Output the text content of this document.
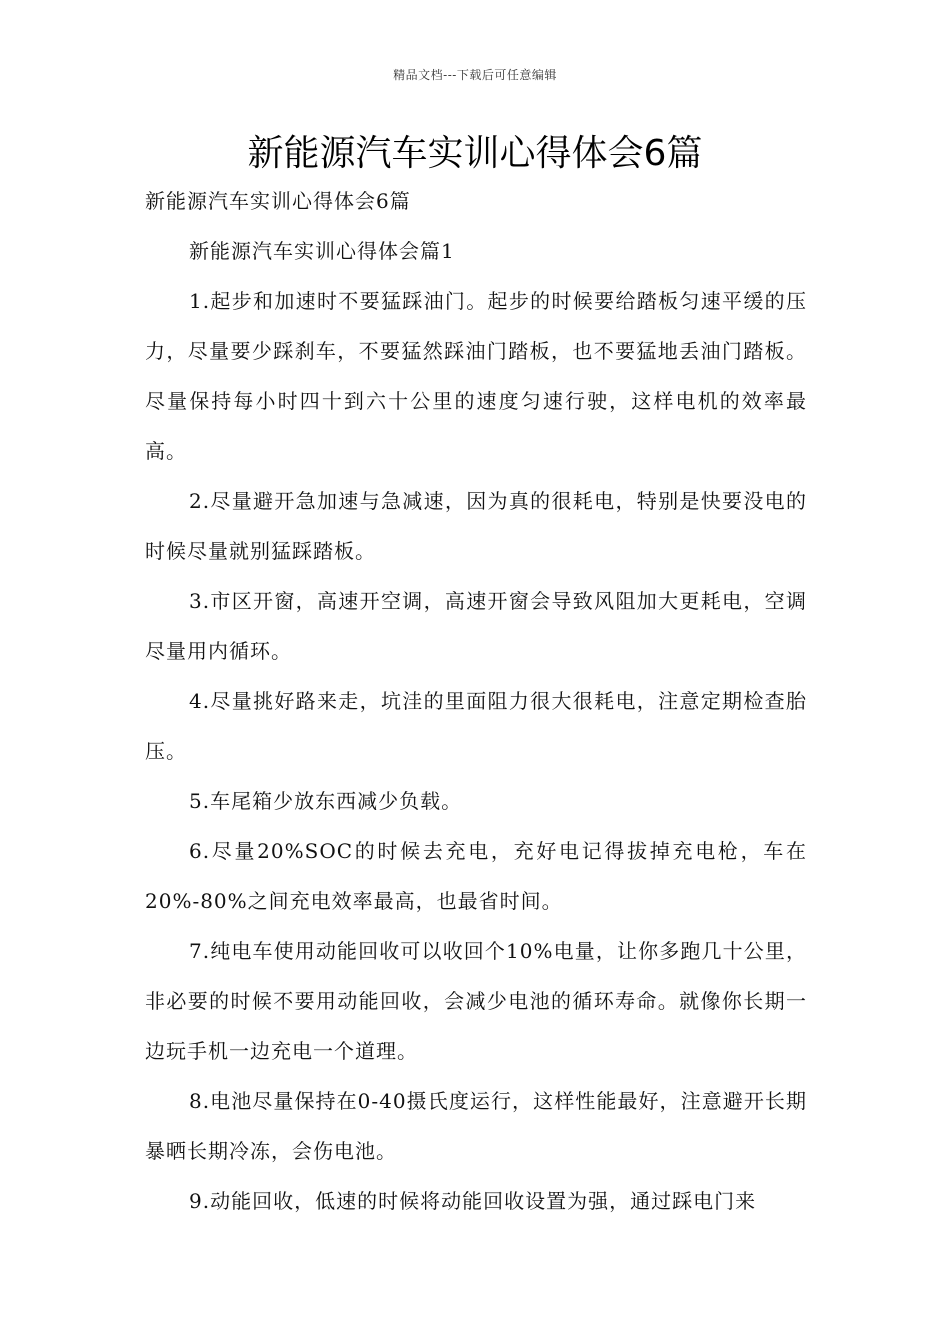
精品文档---下载后可任意编辑
新能源汽车实训心得体会6篇

新能源汽车实训心得体会6篇

新能源汽车实训心得体会篇1

1.起步和加速时不要猛踩油门。起步的时候要给踏板匀速平缓的压力，尽量要少踩刹车，不要猛然踩油门踏板，也不要猛地丢油门踏板。尽量保持每小时四十到六十公里的速度匀速行驶，这样电机的效率最高。

2.尽量避开急加速与急减速，因为真的很耗电，特别是快要没电的时候尽量就别猛踩踏板。

3.市区开窗，高速开空调，高速开窗会导致风阻加大更耗电，空调尽量用内循环。

4.尽量挑好路来走，坑洼的里面阻力很大很耗电，注意定期检查胎压。

5.车尾箱少放东西减少负载。

6.尽量20%SOC的时候去充电，充好电记得拔掉充电枪，车在20%-80%之间充电效率最高，也最省时间。

7.纯电车使用动能回收可以收回个10%电量，让你多跑几十公里，非必要的时候不要用动能回收，会减少电池的循环寿命。就像你长期一边玩手机一边充电一个道理。

8.电池尽量保持在0-40摄氏度运行，这样性能最好，注意避开长期暴晒长期冷冻，会伤电池。

9.动能回收，低速的时候将动能回收设置为强，通过踩电门来
